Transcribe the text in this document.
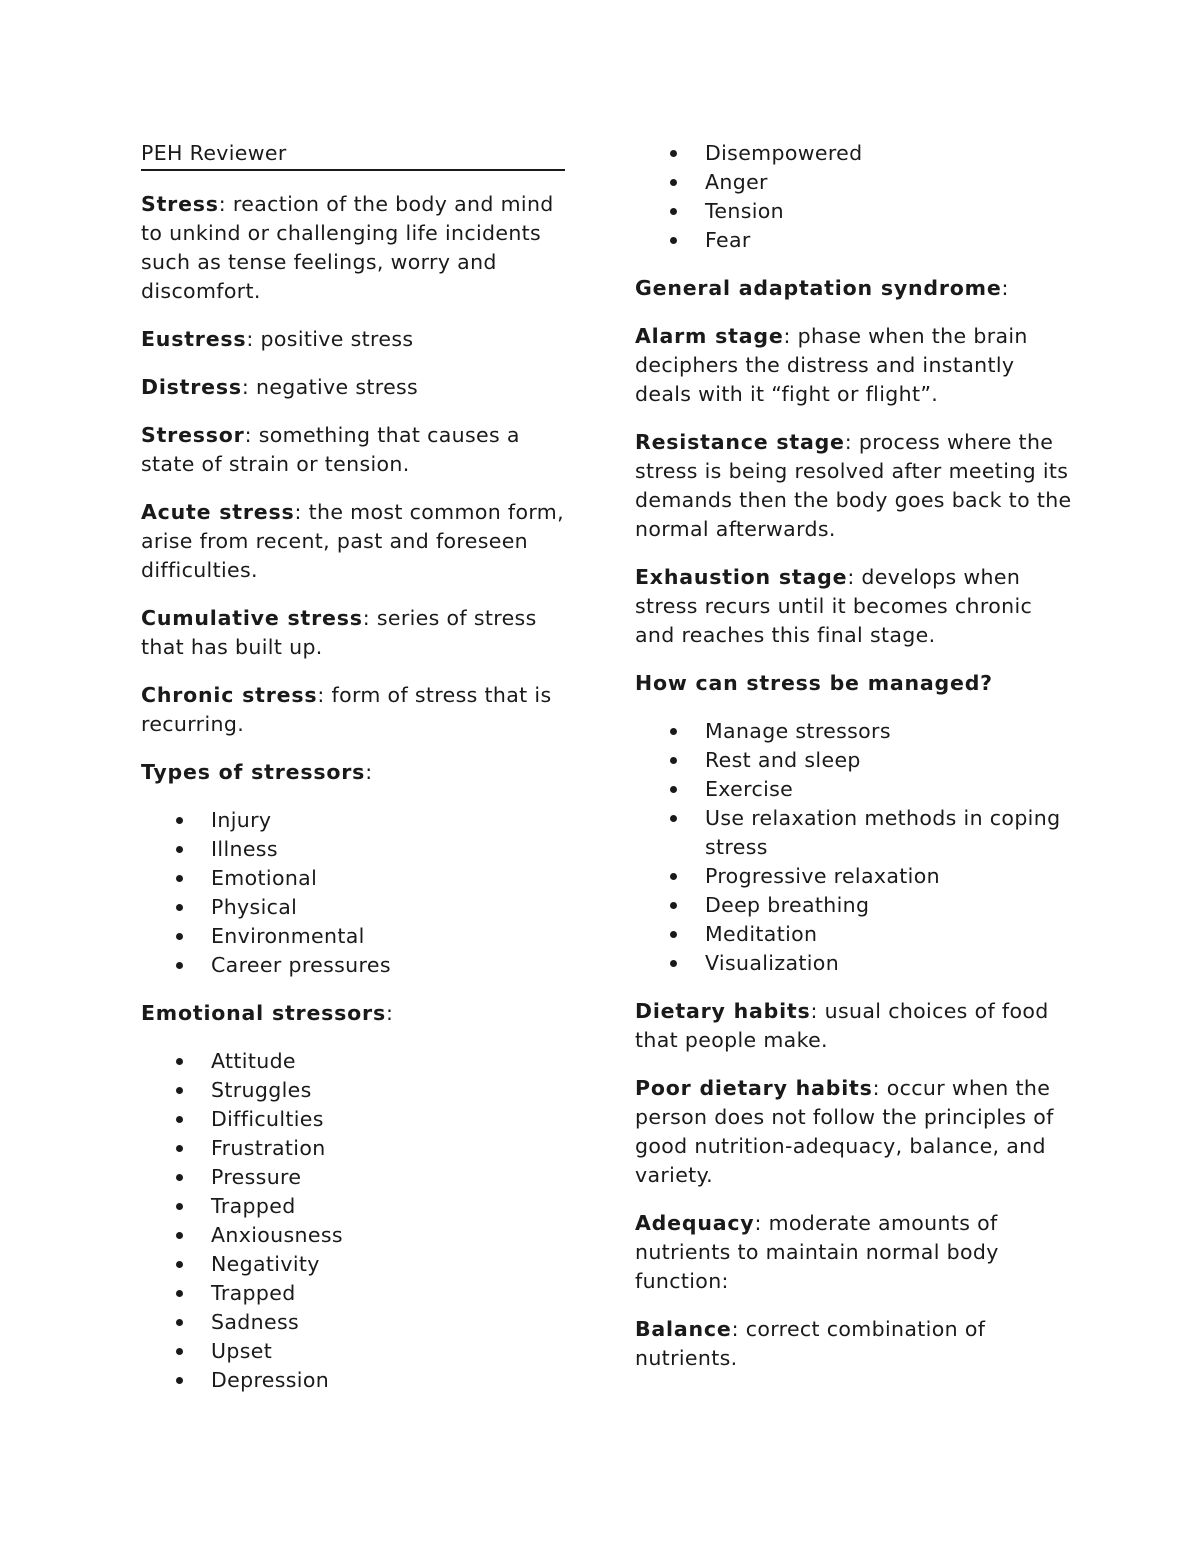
PEH Reviewer

Stress: reaction of the body and mind to unkind or challenging life incidents such as tense feelings, worry and discomfort.

Eustress: positive stress

Distress: negative stress

Stressor: something that causes a state of strain or tension.

Acute stress: the most common form, arise from recent, past and foreseen difficulties.

Cumulative stress: series of stress that has built up.

Chronic stress: form of stress that is recurring.

Types of stressors:

Injury
Illness
Emotional
Physical
Environmental
Career pressures

Emotional stressors:

Attitude
Struggles
Difficulties
Frustration
Pressure
Trapped
Anxiousness
Negativity
Trapped
Sadness
Upset
Depression
Disempowered
Anger
Tension
Fear

General adaptation syndrome:

Alarm stage: phase when the brain deciphers the distress and instantly deals with it “fight or flight”.

Resistance stage: process where the stress is being resolved after meeting its demands then the body goes back to the normal afterwards.

Exhaustion stage: develops when stress recurs until it becomes chronic and reaches this final stage.

How can stress be managed?

Manage stressors
Rest and sleep
Exercise
Use relaxation methods in coping stress
Progressive relaxation
Deep breathing
Meditation
Visualization

Dietary habits: usual choices of food that people make.

Poor dietary habits: occur when the person does not follow the principles of good nutrition-adequacy, balance, and variety.

Adequacy: moderate amounts of nutrients to maintain normal body function:

Balance: correct combination of nutrients.
